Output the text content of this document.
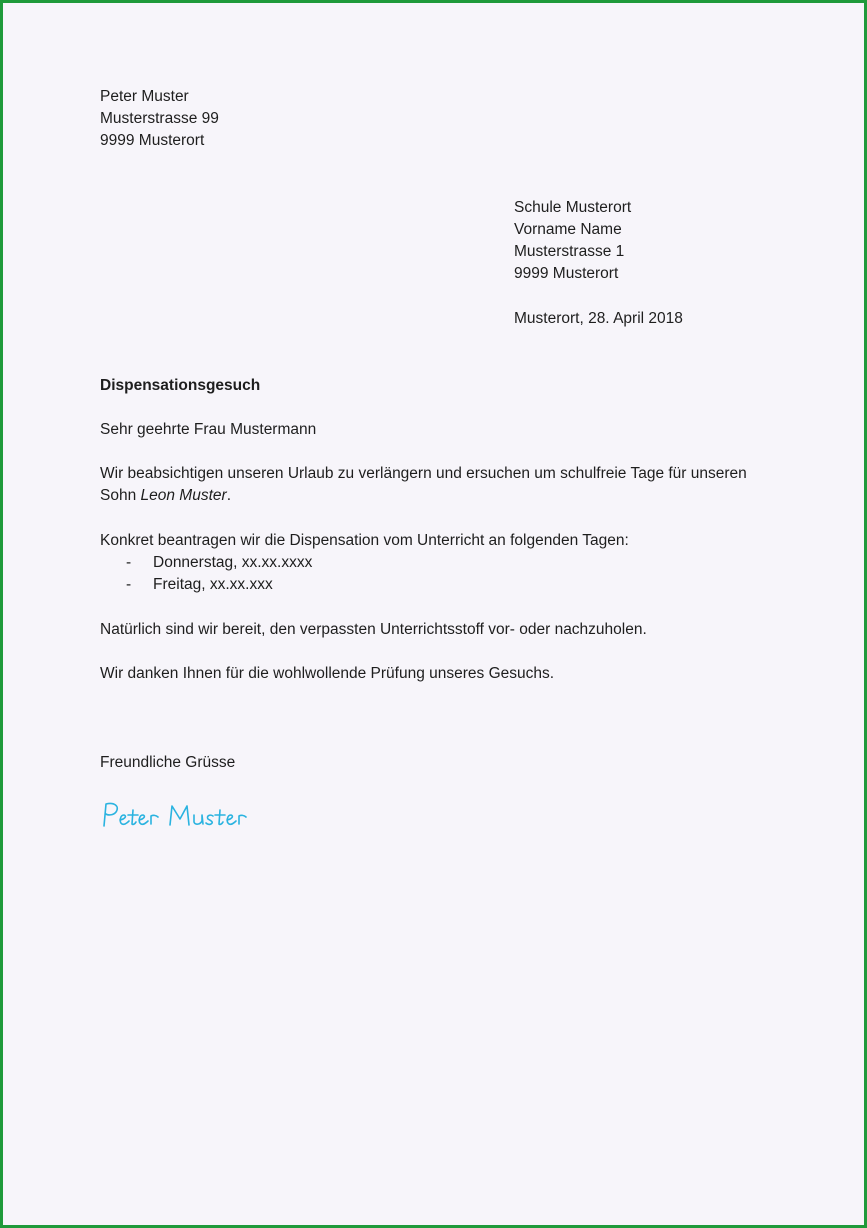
Peter Muster
Musterstrasse 99
9999 Musterort
Schule Musterort
Vorname Name
Musterstrasse 1
9999 Musterort
Musterort, 28. April 2018
Dispensationsgesuch
Sehr geehrte Frau Mustermann
Wir beabsichtigen unseren Urlaub zu verlängern und ersuchen um schulfreie Tage für unseren
Sohn Leon Muster.
Konkret beantragen wir die Dispensation vom Unterricht an folgenden Tagen:
- Donnerstag, xx.xx.xxxx
- Freitag, xx.xx.xxx
Natürlich sind wir bereit, den verpassten Unterrichtsstoff vor- oder nachzuholen.
Wir danken Ihnen für die wohlwollende Prüfung unseres Gesuchs.
Freundliche Grüsse
